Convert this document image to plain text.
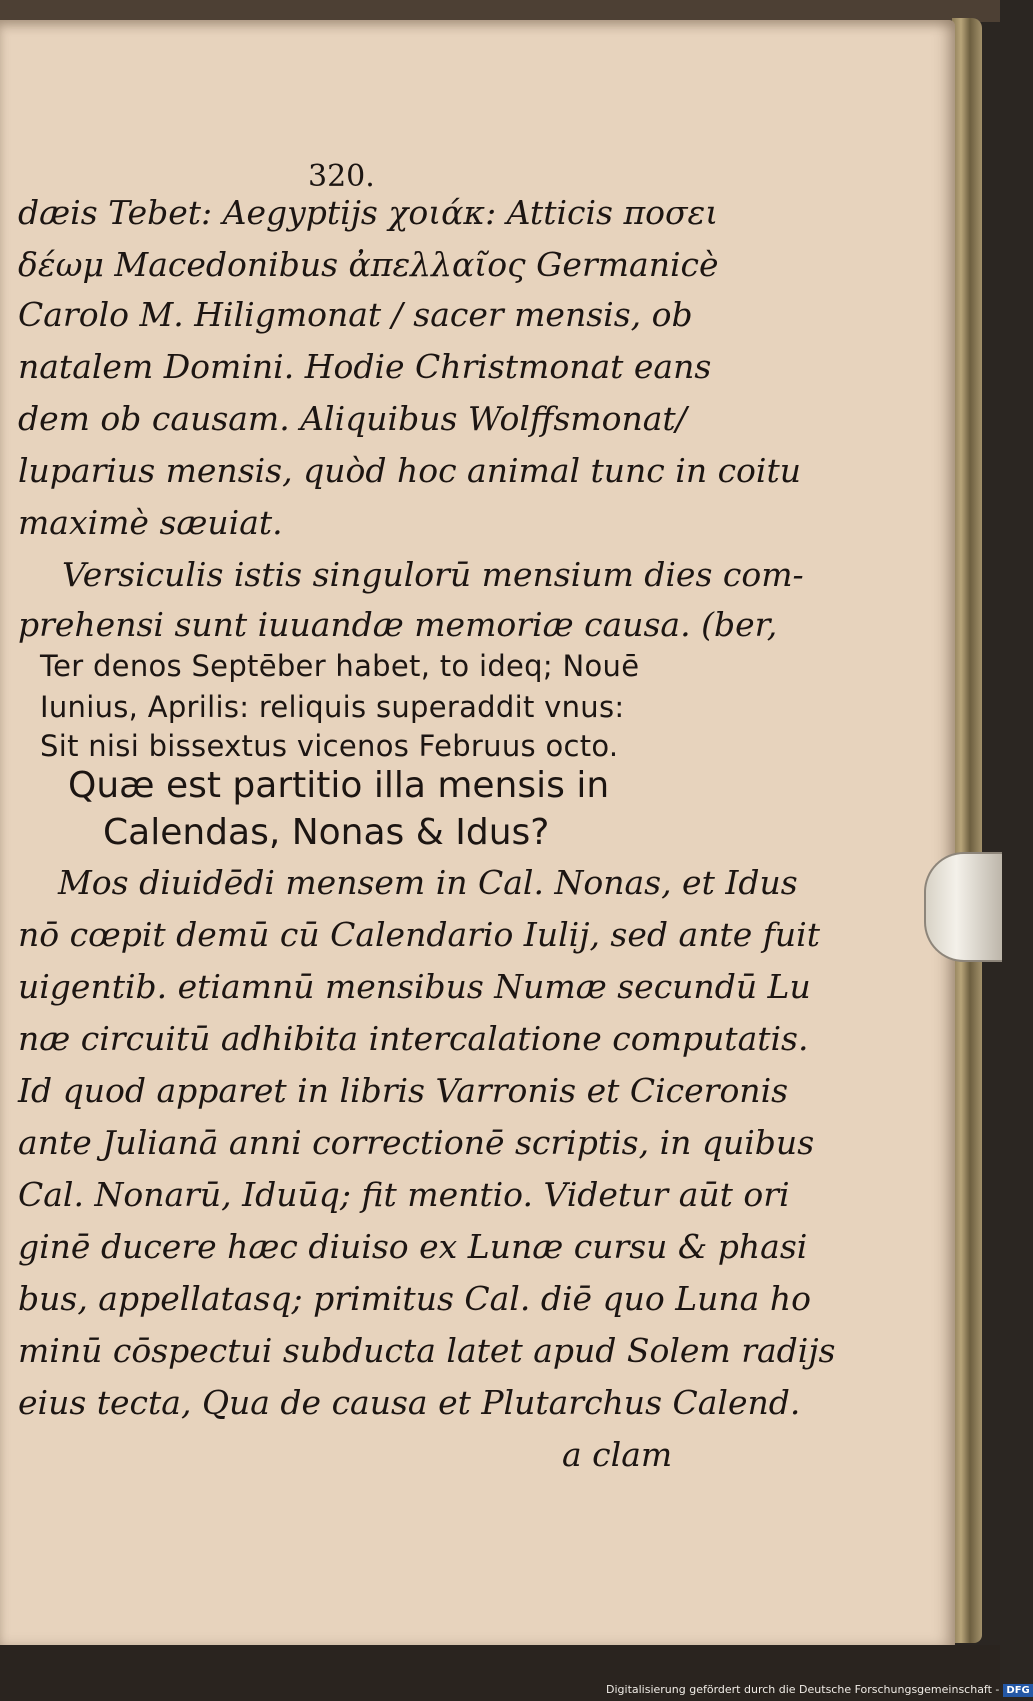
320.
dæis Tebet: Aegyptijs χοιάκ: Atticis ποσει
δέωμ Macedonibus ἀπελλαῖος Germanicè
Carolo M. Hiligmonat / sacer mensis, ob
natalem Domini. Hodie Christmonat eans
dem ob causam. Aliquibus Wolffsmonat/
luparius mensis, quòd hoc animal tunc in coitu
maximè sæuiat.
Versiculis istis singulorū mensium dies com-
prehensi sunt iuuandæ memoriæ causa. (ber,
Ter denos Septēber habet, to ideq; Nouē
Iunius, Aprilis: reliquis superaddit vnus:
Sit nisi bissextus vicenos Februus octo.
Quæ est partitio illa mensis in
Calendas, Nonas & Idus?
Mos diuidēdi mensem in Cal. Nonas, et Idus
nō cœpit demū cū Calendario Iulij, sed ante fuit
uigentib. etiamnū mensibus Numæ secundū Lu
næ circuitū adhibita intercalatione computatis.
Id quod apparet in libris Varronis et Ciceronis
ante Julianā anni correctionē scriptis, in quibus
Cal. Nonarū, Iduūq; fit mentio. Videtur aūt ori
ginē ducere hæc diuiso ex Lunæ cursu & phasi
bus, appellatasq; primitus Cal. diē quo Luna ho
minū cōspectui subducta latet apud Solem radijs
eius tecta, Qua de causa et Plutarchus Calend.
a clam
Digitalisierung gefördert durch die Deutsche Forschungsgemeinschaft - DFG
